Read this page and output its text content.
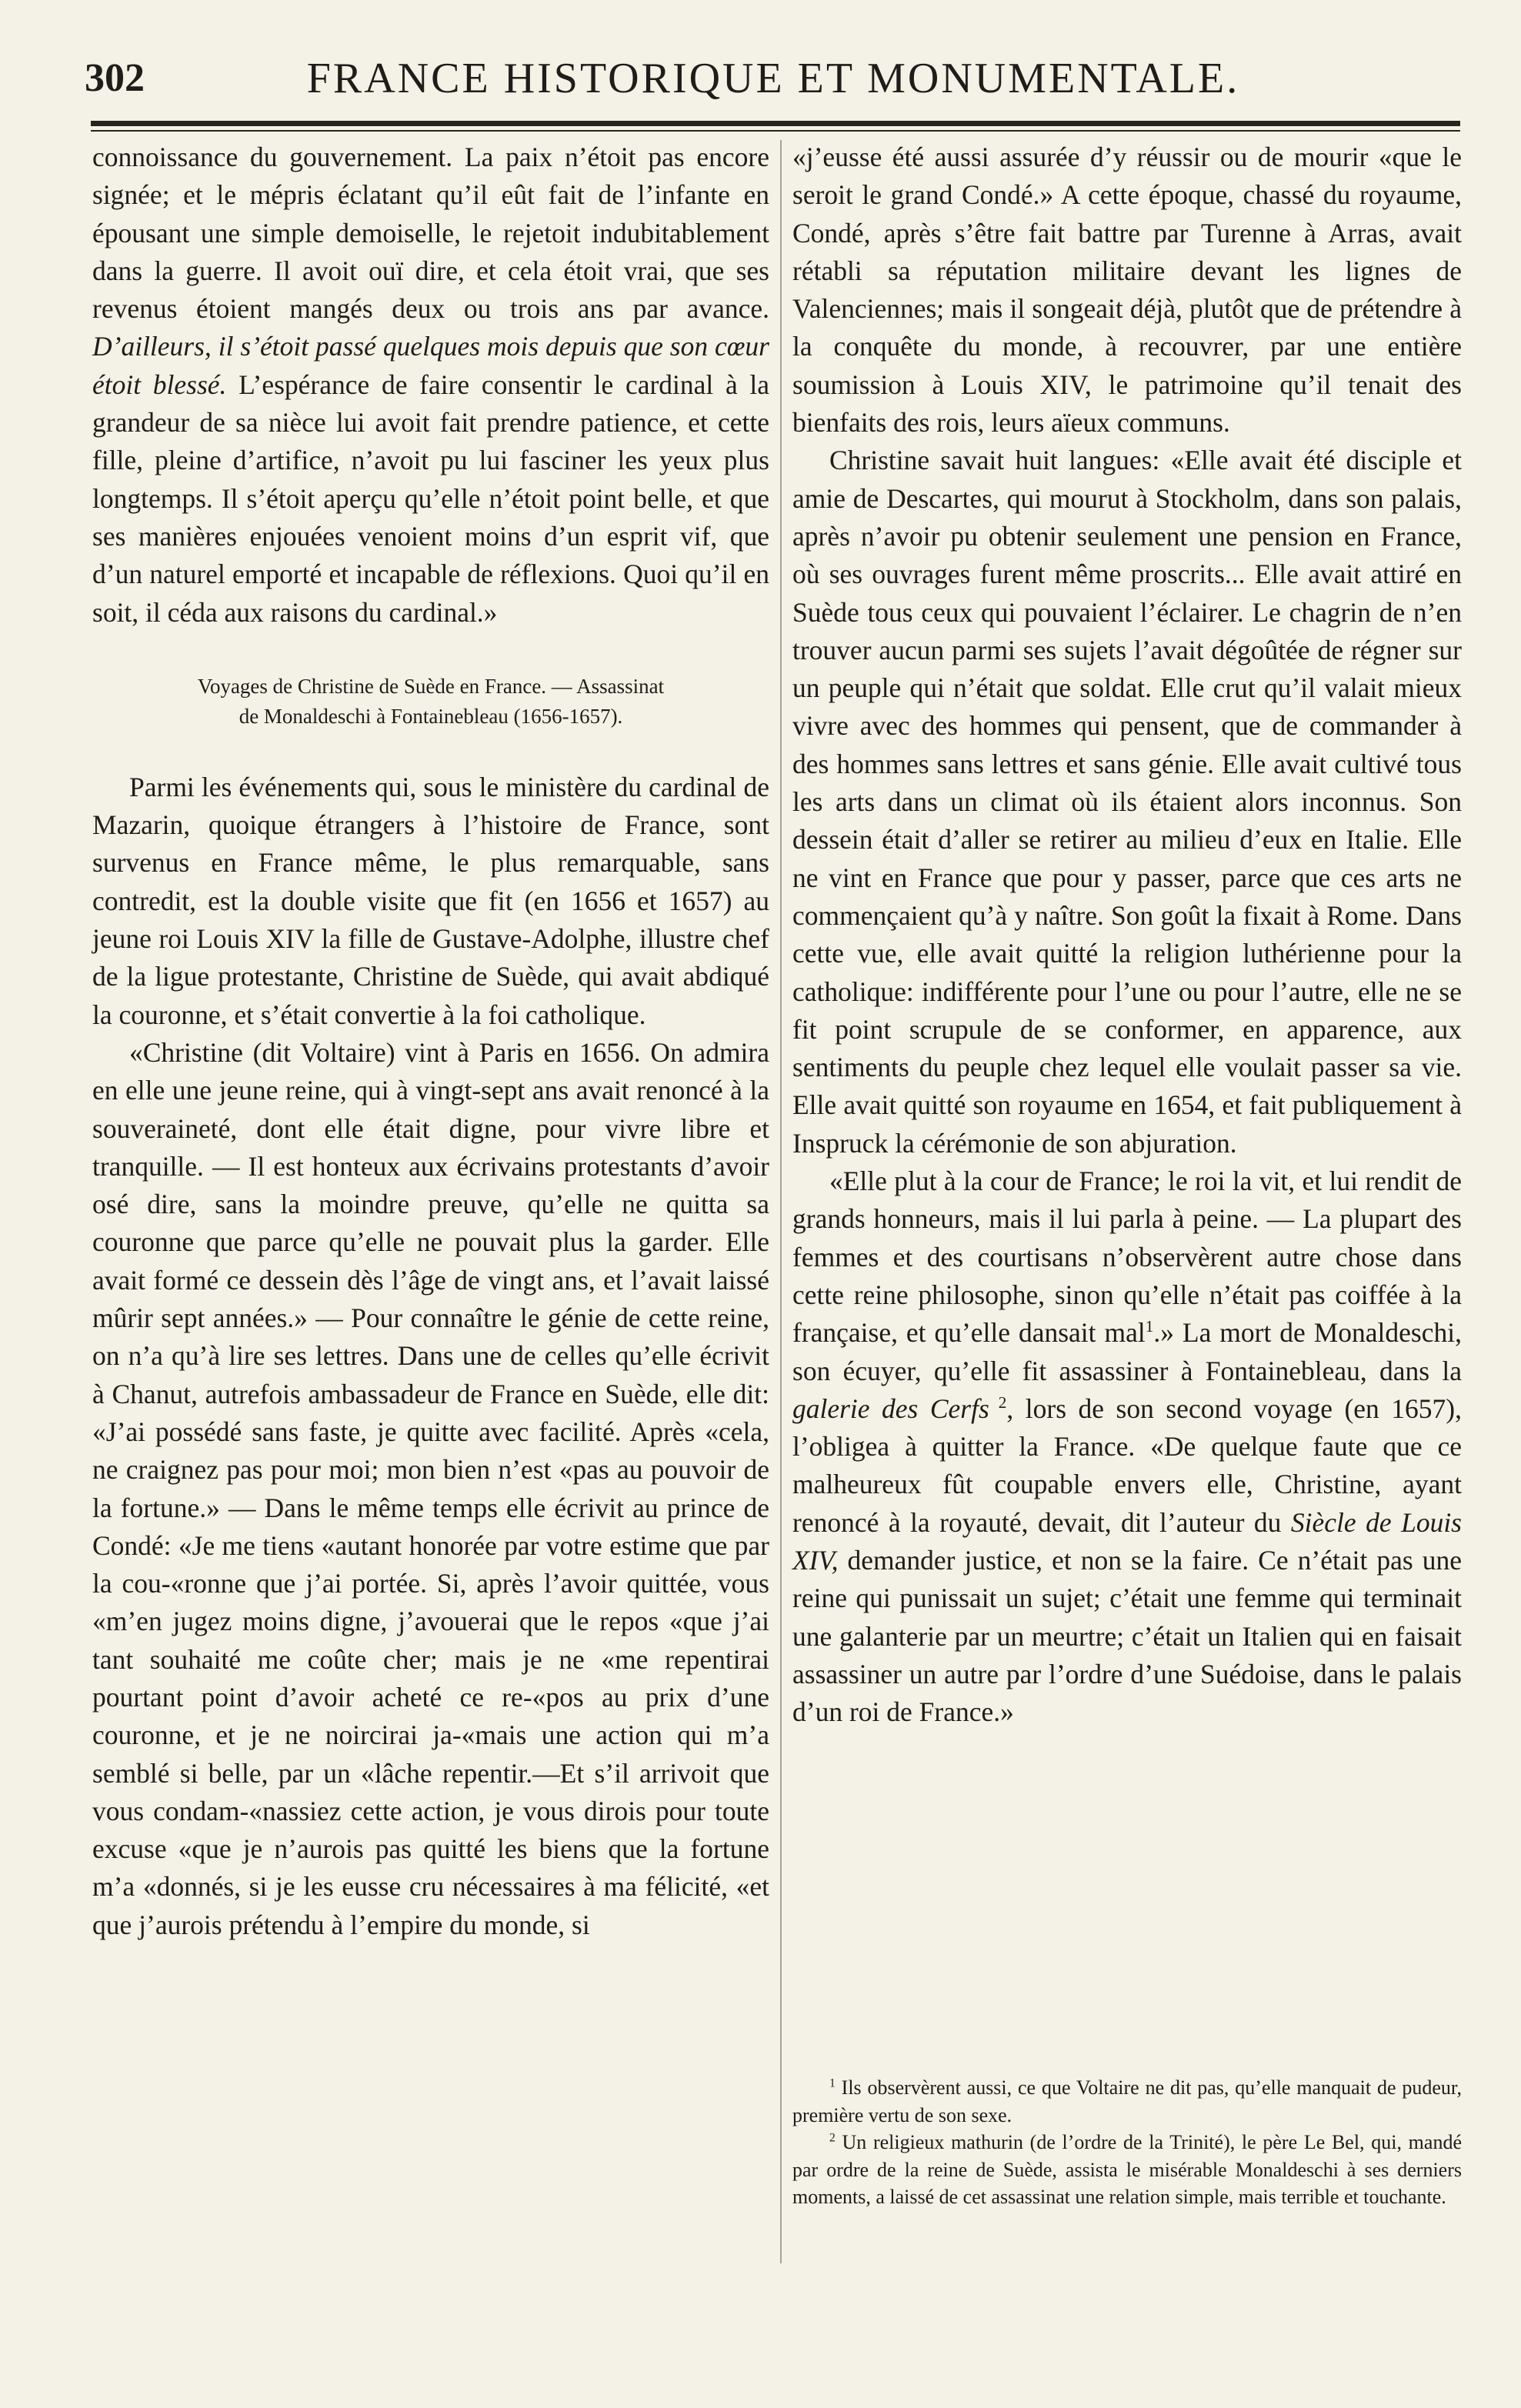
302	FRANCE HISTORIQUE ET MONUMENTALE.

connoissance du gouvernement. La paix n’étoit pas encore signée; et le mépris éclatant qu’il eût fait de l’infante en épousant une simple demoiselle, le rejetoit indubitablement dans la guerre. Il avoit ouï dire, et cela étoit vrai, que ses revenus étoient mangés deux ou trois ans par avance. D’ailleurs, il s’étoit passé quelques mois depuis que son cœur étoit blessé. L’espérance de faire consentir le cardinal à la grandeur de sa nièce lui avoit fait prendre patience, et cette fille, pleine d’artifice, n’avoit pu lui fasciner les yeux plus longtemps. Il s’étoit aperçu qu’elle n’étoit point belle, et que ses manières enjouées venoient moins d’un esprit vif, que d’un naturel emporté et incapable de réflexions. Quoi qu’il en soit, il céda aux raisons du cardinal.»

Voyages de Christine de Suède en France. — Assassinat
de Monaldeschi à Fontainebleau (1656-1657).

Parmi les événements qui, sous le ministère du cardinal de Mazarin, quoique étrangers à l’histoire de France, sont survenus en France même, le plus remarquable, sans contredit, est la double visite que fit (en 1656 et 1657) au jeune roi Louis XIV la fille de Gustave-Adolphe, illustre chef de la ligue protestante, Christine de Suède, qui avait abdiqué la couronne, et s’était convertie à la foi catholique.

«Christine (dit Voltaire) vint à Paris en 1656. On admira en elle une jeune reine, qui à vingt-sept ans avait renoncé à la souveraineté, dont elle était digne, pour vivre libre et tranquille. — Il est honteux aux écrivains protestants d’avoir osé dire, sans la moindre preuve, qu’elle ne quitta sa couronne que parce qu’elle ne pouvait plus la garder. Elle avait formé ce dessein dès l’âge de vingt ans, et l’avait laissé mûrir sept années.» — Pour connaître le génie de cette reine, on n’a qu’à lire ses lettres. Dans une de celles qu’elle écrivit à Chanut, autrefois ambassadeur de France en Suède, elle dit: «J’ai possédé sans faste, je quitte avec facilité. Après «cela, ne craignez pas pour moi; mon bien n’est «pas au pouvoir de la fortune.» — Dans le même temps elle écrivit au prince de Condé: «Je me tiens «autant honorée par votre estime que par la cou-«ronne que j’ai portée. Si, après l’avoir quittée, vous «m’en jugez moins digne, j’avouerai que le repos «que j’ai tant souhaité me coûte cher; mais je ne «me repentirai pourtant point d’avoir acheté ce re-«pos au prix d’une couronne, et je ne noircirai ja-«mais une action qui m’a semblé si belle, par un «lâche repentir.—Et s’il arrivoit que vous condam-«nassiez cette action, je vous dirois pour toute excuse «que je n’aurois pas quitté les biens que la fortune m’a «donnés, si je les eusse cru nécessaires à ma félicité, «et que j’aurois prétendu à l’empire du monde, si

«j’eusse été aussi assurée d’y réussir ou de mourir «que le seroit le grand Condé.» A cette époque, chassé du royaume, Condé, après s’être fait battre par Turenne à Arras, avait rétabli sa réputation militaire devant les lignes de Valenciennes; mais il songeait déjà, plutôt que de prétendre à la conquête du monde, à recouvrer, par une entière soumission à Louis XIV, le patrimoine qu’il tenait des bienfaits des rois, leurs aïeux communs.

Christine savait huit langues: «Elle avait été disciple et amie de Descartes, qui mourut à Stockholm, dans son palais, après n’avoir pu obtenir seulement une pension en France, où ses ouvrages furent même proscrits... Elle avait attiré en Suède tous ceux qui pouvaient l’éclairer. Le chagrin de n’en trouver aucun parmi ses sujets l’avait dégoûtée de régner sur un peuple qui n’était que soldat. Elle crut qu’il valait mieux vivre avec des hommes qui pensent, que de commander à des hommes sans lettres et sans génie. Elle avait cultivé tous les arts dans un climat où ils étaient alors inconnus. Son dessein était d’aller se retirer au milieu d’eux en Italie. Elle ne vint en France que pour y passer, parce que ces arts ne commençaient qu’à y naître. Son goût la fixait à Rome. Dans cette vue, elle avait quitté la religion luthérienne pour la catholique: indifférente pour l’une ou pour l’autre, elle ne se fit point scrupule de se conformer, en apparence, aux sentiments du peuple chez lequel elle voulait passer sa vie. Elle avait quitté son royaume en 1654, et fait publiquement à Inspruck la cérémonie de son abjuration.

«Elle plut à la cour de France; le roi la vit, et lui rendit de grands honneurs, mais il lui parla à peine. — La plupart des femmes et des courtisans n’observèrent autre chose dans cette reine philosophe, sinon qu’elle n’était pas coiffée à la française, et qu’elle dansait mal$^1$.» La mort de Monaldeschi, son écuyer, qu’elle fit assassiner à Fontainebleau, dans la galerie des Cerfs $^2$, lors de son second voyage (en 1657), l’obligea à quitter la France. «De quelque faute que ce malheureux fût coupable envers elle, Christine, ayant renoncé à la royauté, devait, dit l’auteur du Siècle de Louis XIV, demander justice, et non se la faire. Ce n’était pas une reine qui punissait un sujet; c’était une femme qui terminait une galanterie par un meurtre; c’était un Italien qui en faisait assassiner un autre par l’ordre d’une Suédoise, dans le palais d’un roi de France.»

$^1$ Ils observèrent aussi, ce que Voltaire ne dit pas, qu’elle manquait de pudeur, première vertu de son sexe.

$^2$ Un religieux mathurin (de l’ordre de la Trinité), le père Le Bel, qui, mandé par ordre de la reine de Suède, assista le misérable Monaldeschi à ses derniers moments, a laissé de cet assassinat une relation simple, mais terrible et touchante.
